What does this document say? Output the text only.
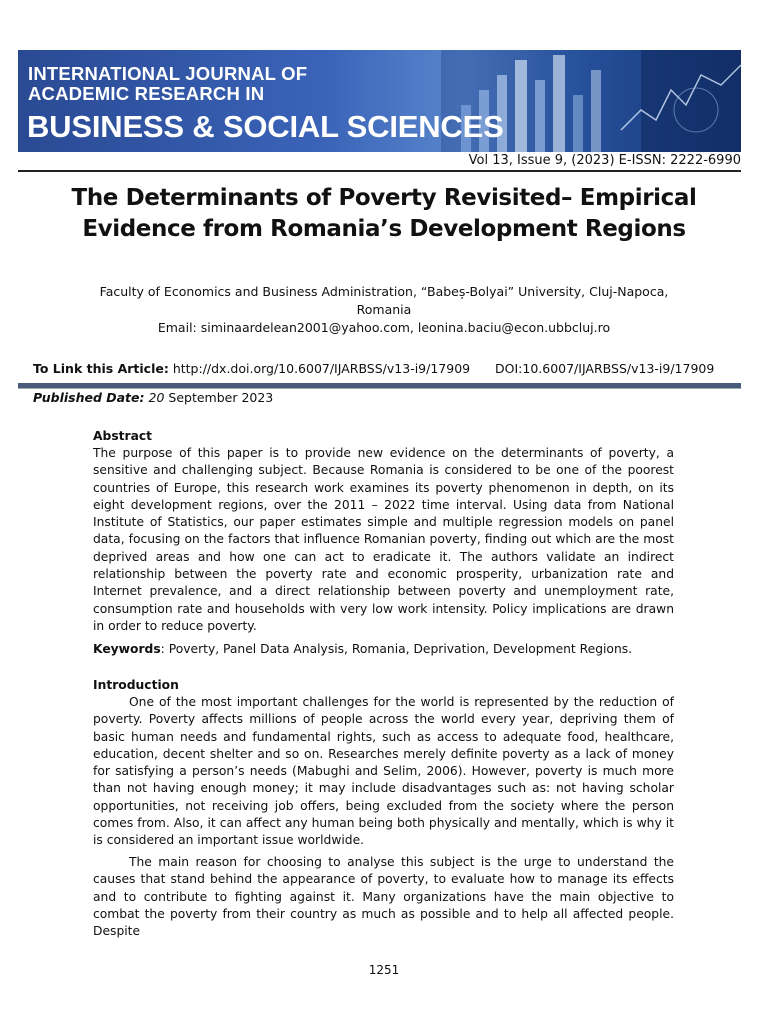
INTERNATIONAL JOURNAL OF
ACADEMIC RESEARCH IN
BUSINESS & SOCIAL SCIENCES
Vol 13, Issue 9, (2023) E-ISSN: 2222-6990
The Determinants of Poverty Revisited– Empirical Evidence from Romania’s Development Regions
Faculty of Economics and Business Administration, “Babeș-Bolyai” University, Cluj-Napoca,
Romania
Email: siminaardelean2001@yahoo.com, leonina.baciu@econ.ubbcluj.ro
To Link this Article: http://dx.doi.org/10.6007/IJARBSS/v13-i9/17909 DOI:10.6007/IJARBSS/v13-i9/17909
Published Date: 20 September 2023
Abstract
The purpose of this paper is to provide new evidence on the determinants of poverty, a sensitive and challenging subject. Because Romania is considered to be one of the poorest countries of Europe, this research work examines its poverty phenomenon in depth, on its eight development regions, over the 2011 – 2022 time interval. Using data from National Institute of Statistics, our paper estimates simple and multiple regression models on panel data, focusing on the factors that influence Romanian poverty, finding out which are the most deprived areas and how one can act to eradicate it. The authors validate an indirect relationship between the poverty rate and economic prosperity, urbanization rate and Internet prevalence, and a direct relationship between poverty and unemployment rate, consumption rate and households with very low work intensity. Policy implications are drawn in order to reduce poverty.
Keywords: Poverty, Panel Data Analysis, Romania, Deprivation, Development Regions.
Introduction
One of the most important challenges for the world is represented by the reduction of poverty. Poverty affects millions of people across the world every year, depriving them of basic human needs and fundamental rights, such as access to adequate food, healthcare, education, decent shelter and so on. Researches merely definite poverty as a lack of money for satisfying a person’s needs (Mabughi and Selim, 2006). However, poverty is much more than not having enough money; it may include disadvantages such as: not having scholar opportunities, not receiving job offers, being excluded from the society where the person comes from. Also, it can affect any human being both physically and mentally, which is why it is considered an important issue worldwide.
The main reason for choosing to analyse this subject is the urge to understand the causes that stand behind the appearance of poverty, to evaluate how to manage its effects and to contribute to fighting against it. Many organizations have the main objective to combat the poverty from their country as much as possible and to help all affected people. Despite
1251
